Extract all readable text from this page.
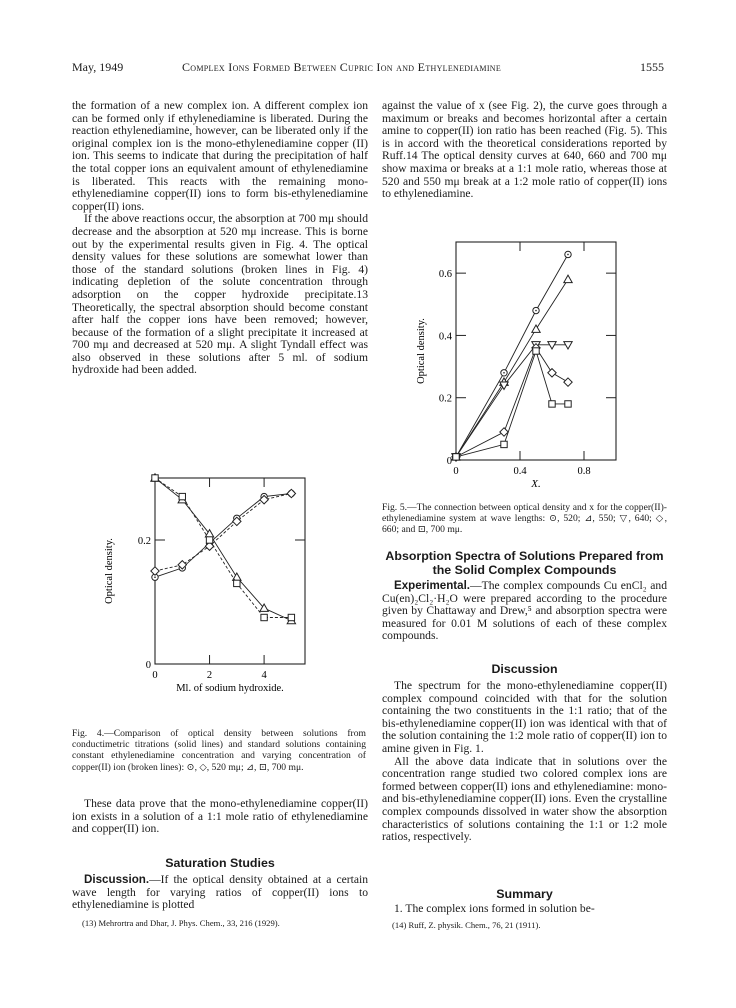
May, 1949	Complex Ions Formed Between Cupric Ion and Ethylenediamine	1555

the formation of a new complex ion. A different complex ion can be formed only if ethylenediamine is liberated. During the reaction ethylenediamine, however, can be liberated only if the original complex ion is the mono-ethylenediamine copper (II) ion. This seems to indicate that during the precipitation of half the total copper ions an equivalent amount of ethylenediamine is liberated. This reacts with the remaining mono-ethylenediamine copper(II) ions to form bis-ethylenediamine copper(II) ions.

If the above reactions occur, the absorption at 700 mμ should decrease and the absorption at 520 mμ increase. This is borne out by the experimental results given in Fig. 4. The optical density values for these solutions are somewhat lower than those of the standard solutions (broken lines in Fig. 4) indicating depletion of the solute concentration through adsorption on the copper hydroxide precipitate.13 Theoretically, the spectral absorption should become constant after half the copper ions have been removed; however, because of the formation of a slight precipitate it increased at 700 mμ and decreased at 520 mμ. A slight Tyndall effect was also observed in these solutions after 5 ml. of sodium hydroxide had been added.

0	2	4
0
0.2
Optical density.
Ml. of sodium hydroxide.
Fig. 4.—Comparison of optical density between solutions from conductimetric titrations (solid lines) and standard solutions containing constant ethylenediamine concentration and varying concentration of copper(II) ion (broken lines): ⊙, ◇, 520 mμ; ⊿, ⊡, 700 mμ.

These data prove that the mono-ethylenediamine copper(II) ion exists in a solution of a 1:1 mole ratio of ethylenediamine and copper(II) ion.

Saturation Studies

Discussion.—If the optical density obtained at a certain wave length for varying ratios of copper(II) ions to ethylenediamine is plotted

(13) Mehrortra and Dhar, J. Phys. Chem., 33, 216 (1929).

against the value of x (see Fig. 2), the curve goes through a maximum or breaks and becomes horizontal after a certain amine to copper(II) ion ratio has been reached (Fig. 5). This is in accord with the theoretical considerations reported by Ruff.14 The optical density curves at 640, 660 and 700 mμ show maxima or breaks at a 1:1 mole ratio, whereas those at 520 and 550 mμ break at a 1:2 mole ratio of copper(II) ions to ethylenediamine.

0	0.4	0.8
0
0.2
0.4
0.6
Optical density.
X.
Fig. 5.—The connection between optical density and x for the copper(II)-ethylenediamine system at wave lengths: ⊙, 520; ⊿, 550; ▽, 640; ◇, 660; and ⊡, 700 mμ.
Absorption Spectra of Solutions Prepared from the Solid Complex Compounds

Experimental.—The complex compounds Cu enCl₂ and Cu(en)₂Cl₂·H₂O were prepared according to the procedure given by Chattaway and Drew,⁵ and absorption spectra were measured for 0.01 M solutions of each of these complex compounds.

Discussion

The spectrum for the mono-ethylenediamine copper(II) complex compound coincided with that for the solution containing the two constituents in the 1:1 ratio; that of the bis-ethylenediamine copper(II) ion was identical with that of the solution containing the 1:2 mole ratio of copper(II) ion to amine given in Fig. 1.

All the above data indicate that in solutions over the concentration range studied two colored complex ions are formed between copper(II) ions and ethylenediamine: mono- and bis-ethylenediamine copper(II) ions. Even the crystalline complex compounds dissolved in water show the absorption characteristics of solutions containing the 1:1 or 1:2 mole ratios, respectively.

Summary

1. The complex ions formed in solution be-

(14) Ruff, Z. physik. Chem., 76, 21 (1911).
